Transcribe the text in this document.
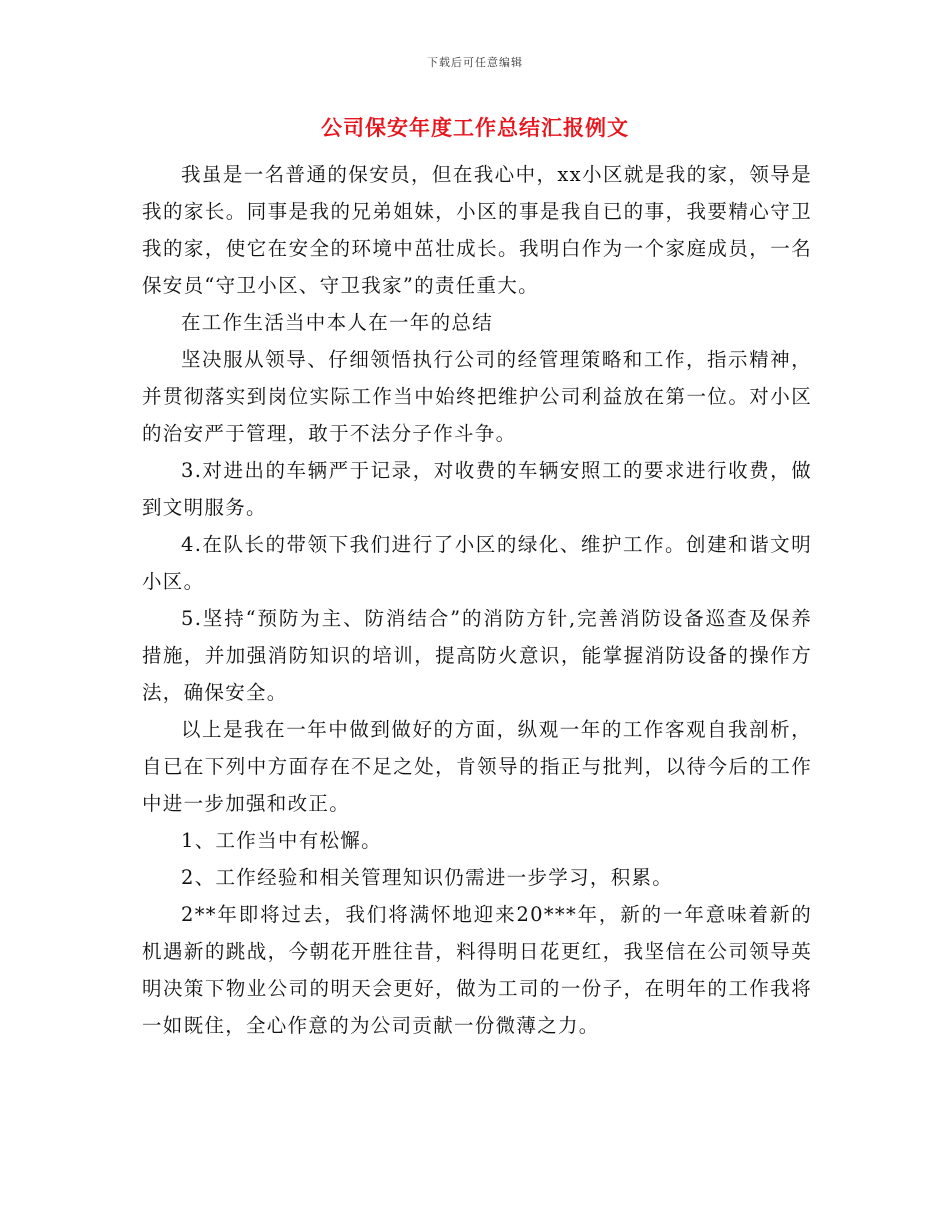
下载后可任意编辑
公司保安年度工作总结汇报例文

我虽是一名普通的保安员，但在我心中，xx小区就是我的家，领导是我的家长。同事是我的兄弟姐妹，小区的事是我自已的事，我要精心守卫我的家，使它在安全的环境中茁壮成长。我明白作为一个家庭成员，一名保安员“守卫小区、守卫我家”的责任重大。

在工作生活当中本人在一年的总结

坚决服从领导、仔细领悟执行公司的经管理策略和工作，指示精神，并贯彻落实到岗位实际工作当中始终把维护公司利益放在第一位。对小区的治安严于管理，敢于不法分子作斗争。

3.对进出的车辆严于记录，对收费的车辆安照工的要求进行收费，做到文明服务。

4.在队长的带领下我们进行了小区的绿化、维护工作。创建和谐文明小区。

5.坚持“预防为主、防消结合”的消防方针,完善消防设备巡查及保养措施，并加强消防知识的培训，提高防火意识，能掌握消防设备的操作方法，确保安全。

以上是我在一年中做到做好的方面，纵观一年的工作客观自我剖析，自已在下列中方面存在不足之处，肯领导的指正与批判，以待今后的工作中进一步加强和改正。

1、工作当中有松懈。

2、工作经验和相关管理知识仍需进一步学习，积累。

2**年即将过去，我们将满怀地迎来20***年，新的一年意味着新的机遇新的跳战，今朝花开胜往昔，料得明日花更红，我坚信在公司领导英明决策下物业公司的明天会更好，做为工司的一份子，在明年的工作我将一如既住，全心作意的为公司贡献一份微薄之力。
